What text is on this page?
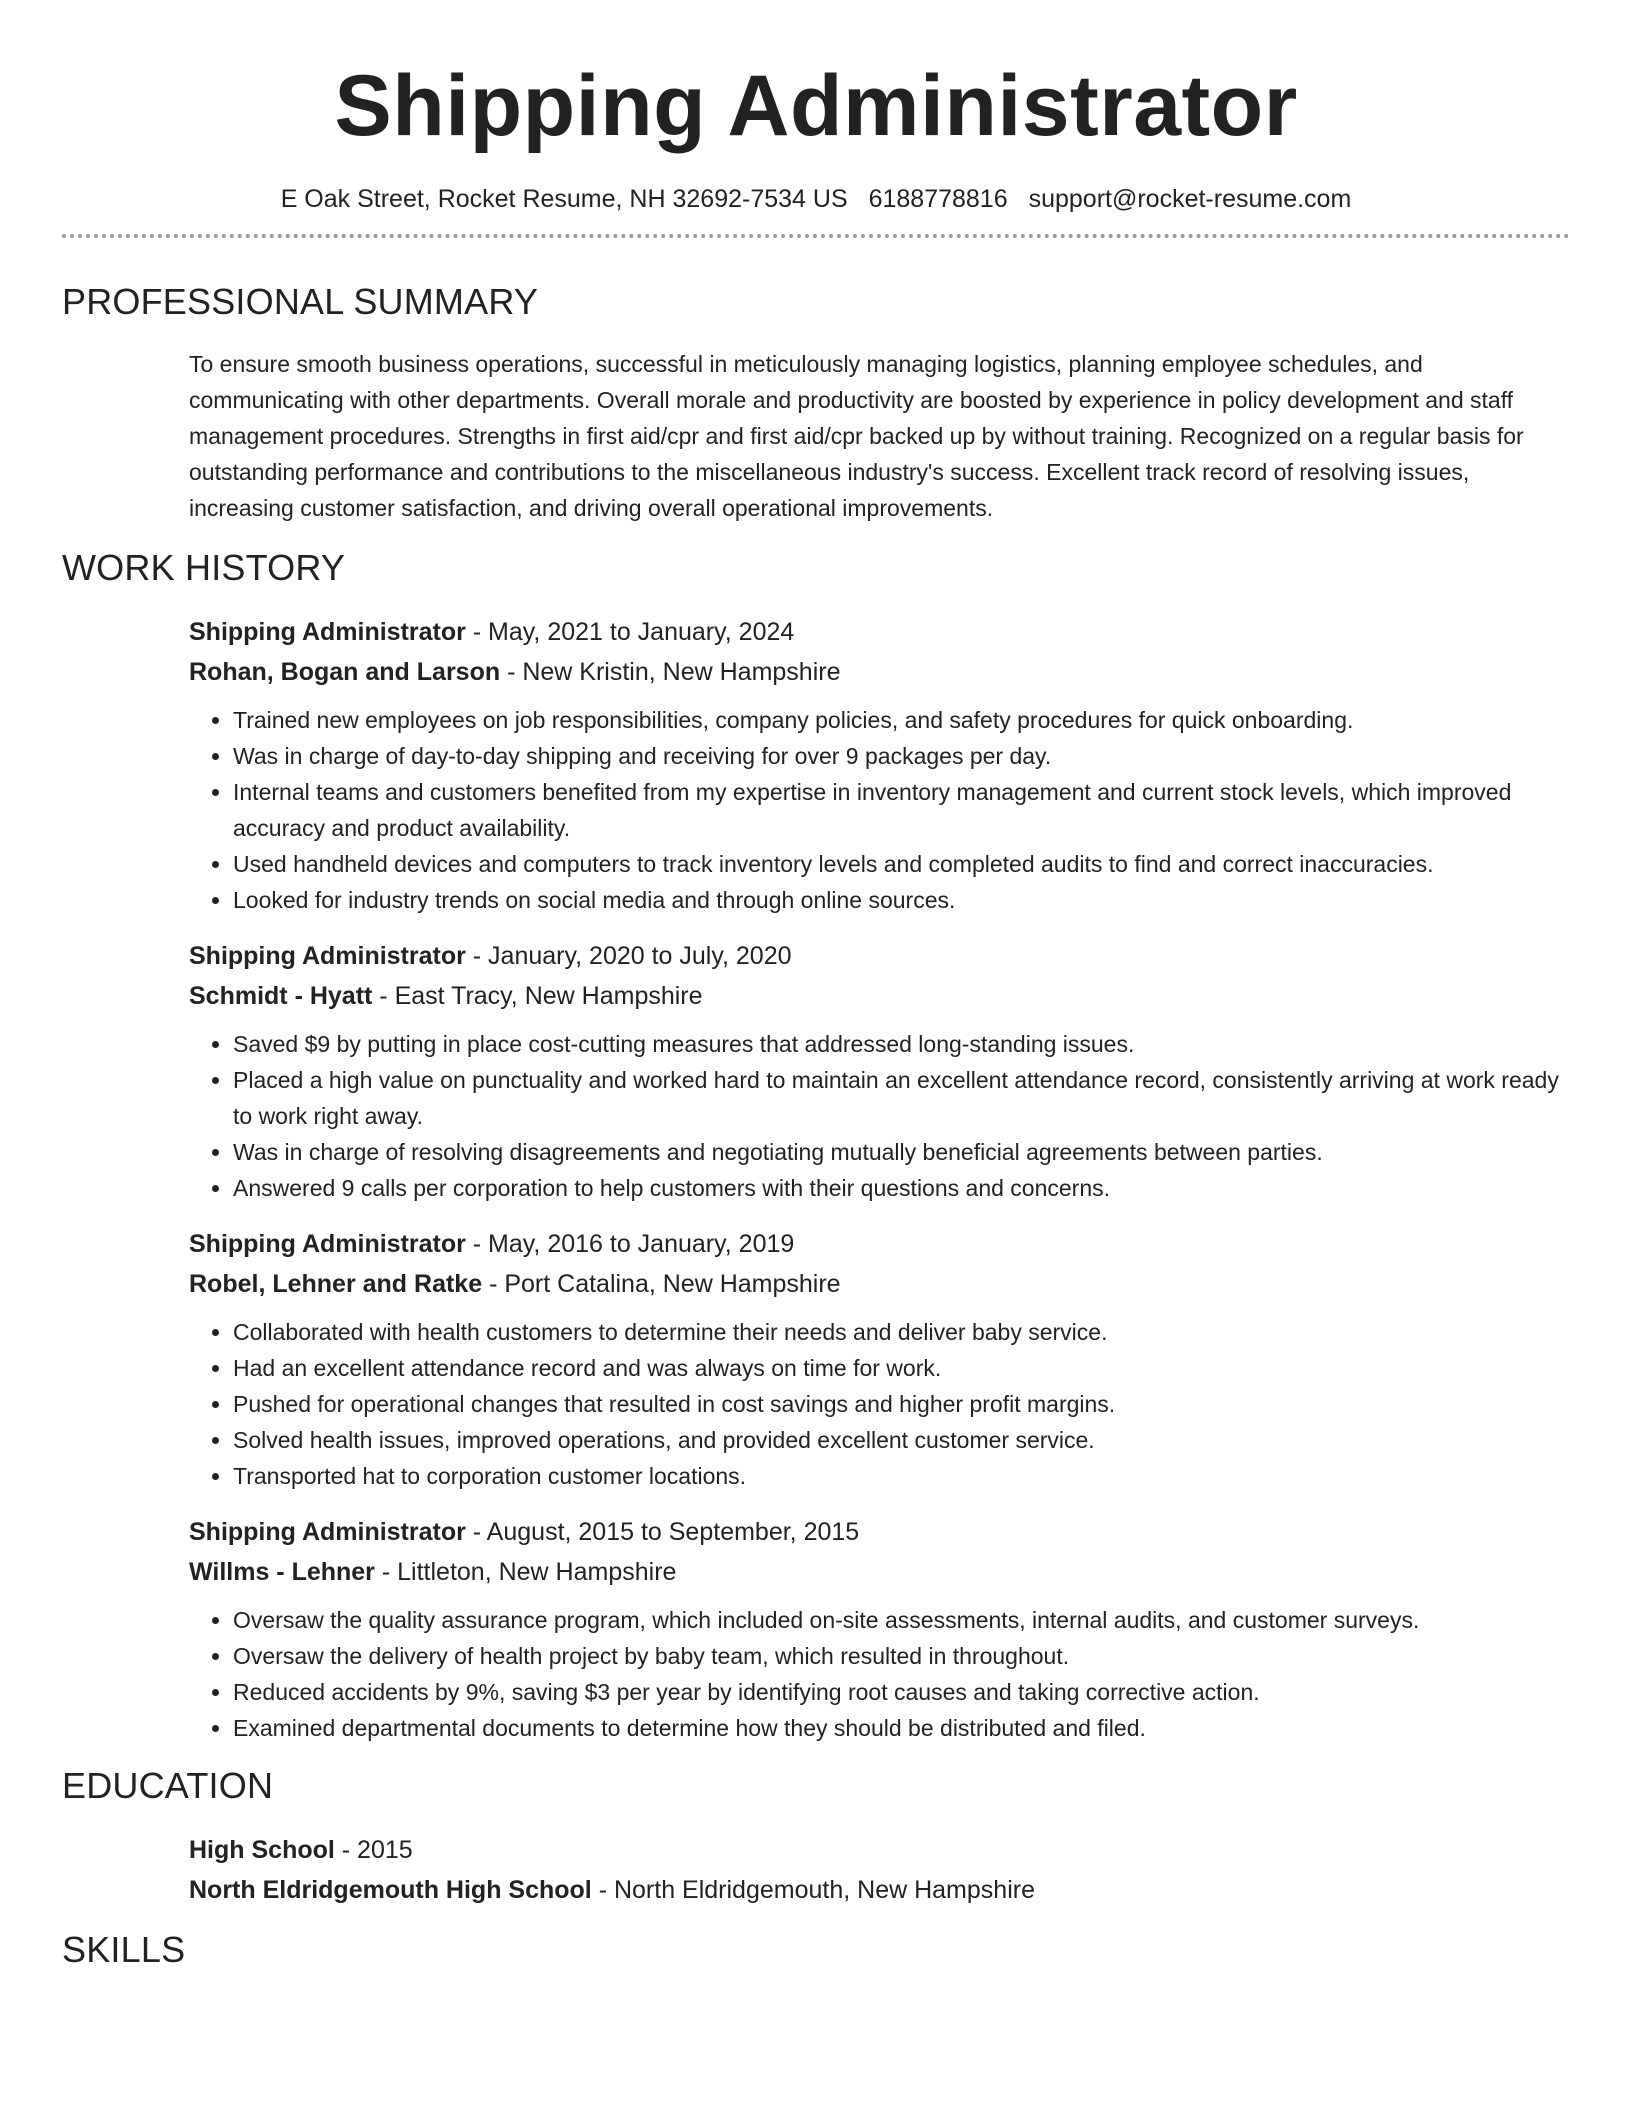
Shipping Administrator
E Oak Street, Rocket Resume, NH 32692-7534 US 6188778816 support@rocket-resume.com
PROFESSIONAL SUMMARY
To ensure smooth business operations, successful in meticulously managing logistics, planning employee schedules, and communicating with other departments. Overall morale and productivity are boosted by experience in policy development and staff management procedures. Strengths in first aid/cpr and first aid/cpr backed up by without training. Recognized on a regular basis for outstanding performance and contributions to the miscellaneous industry's success. Excellent track record of resolving issues, increasing customer satisfaction, and driving overall operational improvements.
WORK HISTORY
Shipping Administrator - May, 2021 to January, 2024
Rohan, Bogan and Larson - New Kristin, New Hampshire
• Trained new employees on job responsibilities, company policies, and safety procedures for quick onboarding.
• Was in charge of day-to-day shipping and receiving for over 9 packages per day.
• Internal teams and customers benefited from my expertise in inventory management and current stock levels, which improved accuracy and product availability.
• Used handheld devices and computers to track inventory levels and completed audits to find and correct inaccuracies.
• Looked for industry trends on social media and through online sources.
Shipping Administrator - January, 2020 to July, 2020
Schmidt - Hyatt - East Tracy, New Hampshire
• Saved $9 by putting in place cost-cutting measures that addressed long-standing issues.
• Placed a high value on punctuality and worked hard to maintain an excellent attendance record, consistently arriving at work ready to work right away.
• Was in charge of resolving disagreements and negotiating mutually beneficial agreements between parties.
• Answered 9 calls per corporation to help customers with their questions and concerns.
Shipping Administrator - May, 2016 to January, 2019
Robel, Lehner and Ratke - Port Catalina, New Hampshire
• Collaborated with health customers to determine their needs and deliver baby service.
• Had an excellent attendance record and was always on time for work.
• Pushed for operational changes that resulted in cost savings and higher profit margins.
• Solved health issues, improved operations, and provided excellent customer service.
• Transported hat to corporation customer locations.
Shipping Administrator - August, 2015 to September, 2015
Willms - Lehner - Littleton, New Hampshire
• Oversaw the quality assurance program, which included on-site assessments, internal audits, and customer surveys.
• Oversaw the delivery of health project by baby team, which resulted in throughout.
• Reduced accidents by 9%, saving $3 per year by identifying root causes and taking corrective action.
• Examined departmental documents to determine how they should be distributed and filed.
EDUCATION
High School - 2015
North Eldridgemouth High School - North Eldridgemouth, New Hampshire
SKILLS
